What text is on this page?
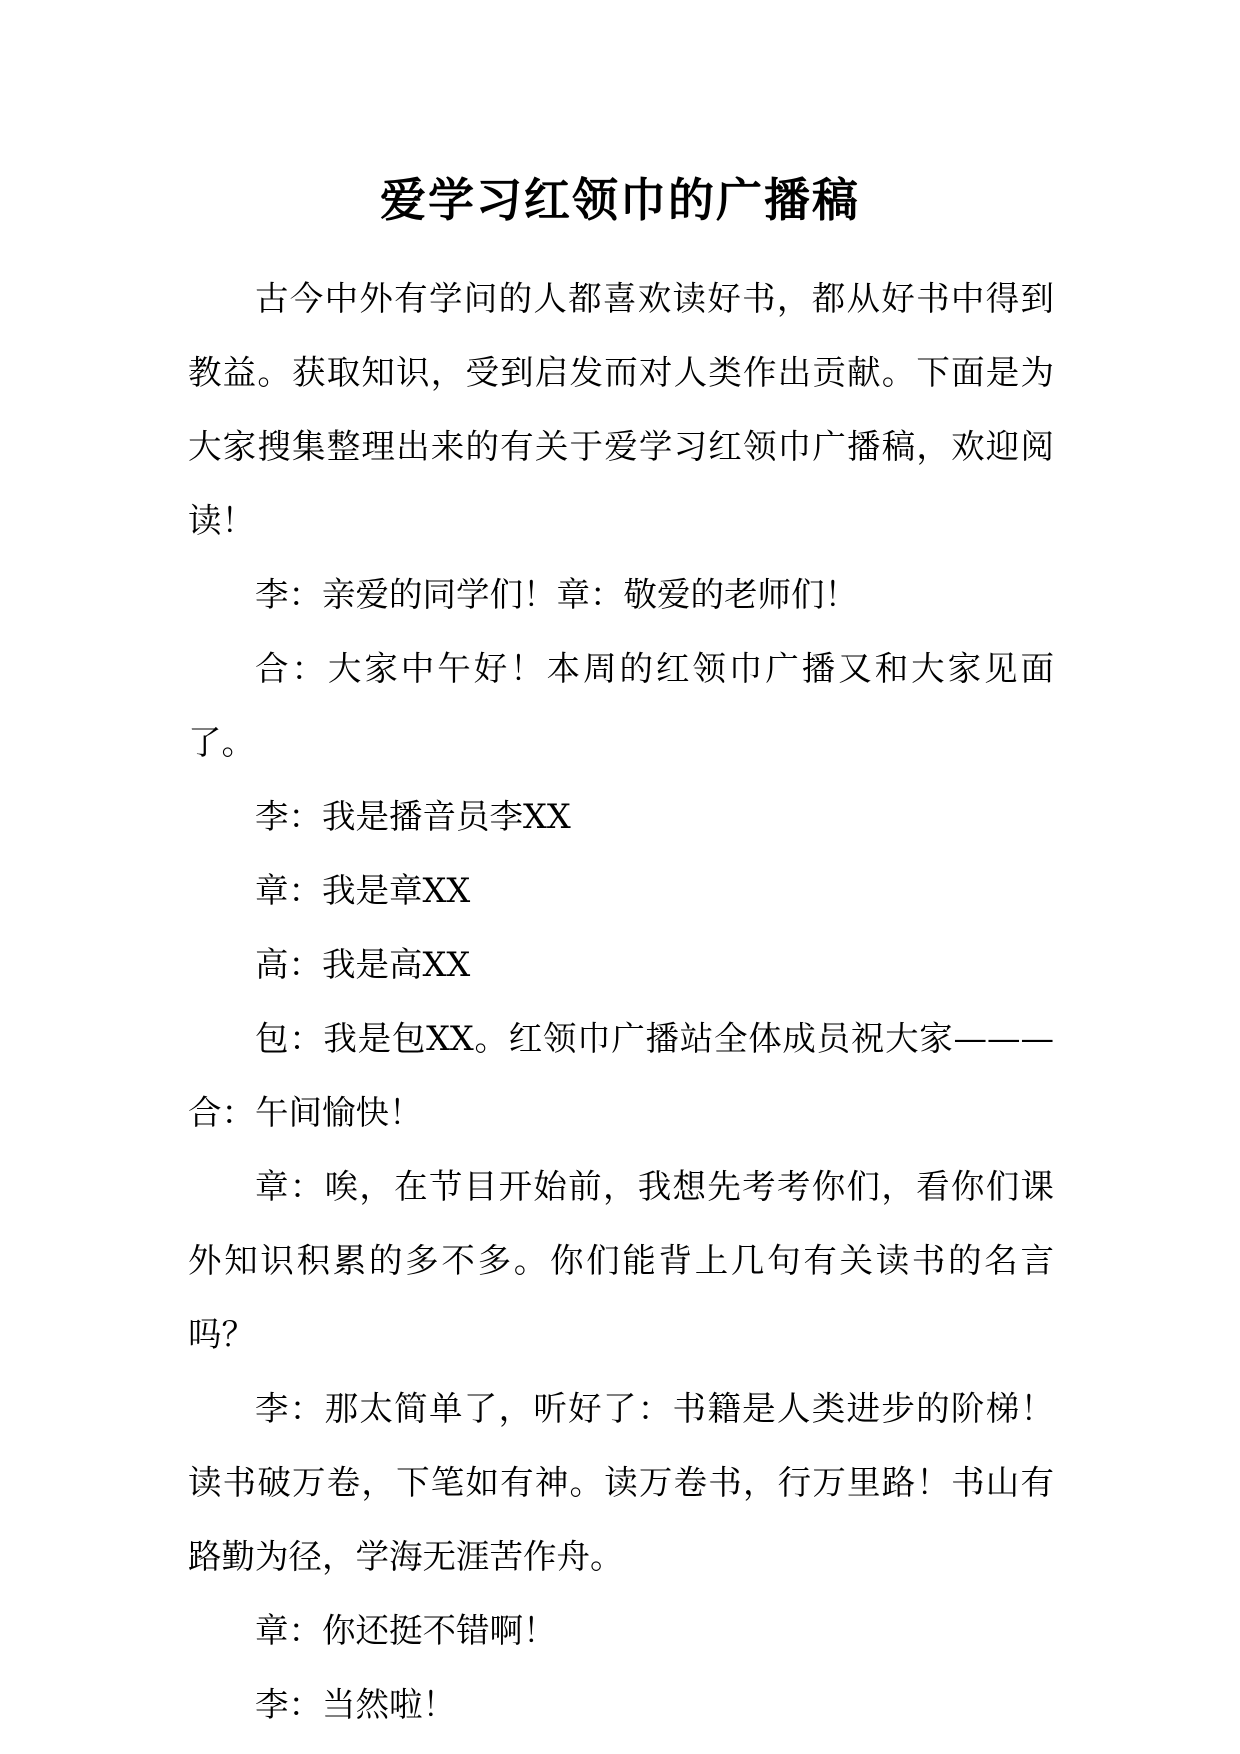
爱学习红领巾的广播稿

古今中外有学问的人都喜欢读好书，都从好书中得到教益。获取知识，受到启发而对人类作出贡献。下面是为大家搜集整理出来的有关于爱学习红领巾广播稿，欢迎阅读！

李：亲爱的同学们！章：敬爱的老师们！

合：大家中午好！本周的红领巾广播又和大家见面了。

李：我是播音员李XX

章：我是章XX

高：我是高XX

包：我是包XX。红领巾广播站全体成员祝大家———合：午间愉快！

章：唉，在节目开始前，我想先考考你们，看你们课外知识积累的多不多。你们能背上几句有关读书的名言吗？

李：那太简单了，听好了：书籍是人类进步的阶梯！读书破万卷，下笔如有神。读万卷书，行万里路！书山有路勤为径，学海无涯苦作舟。

章：你还挺不错啊！

李：当然啦！
